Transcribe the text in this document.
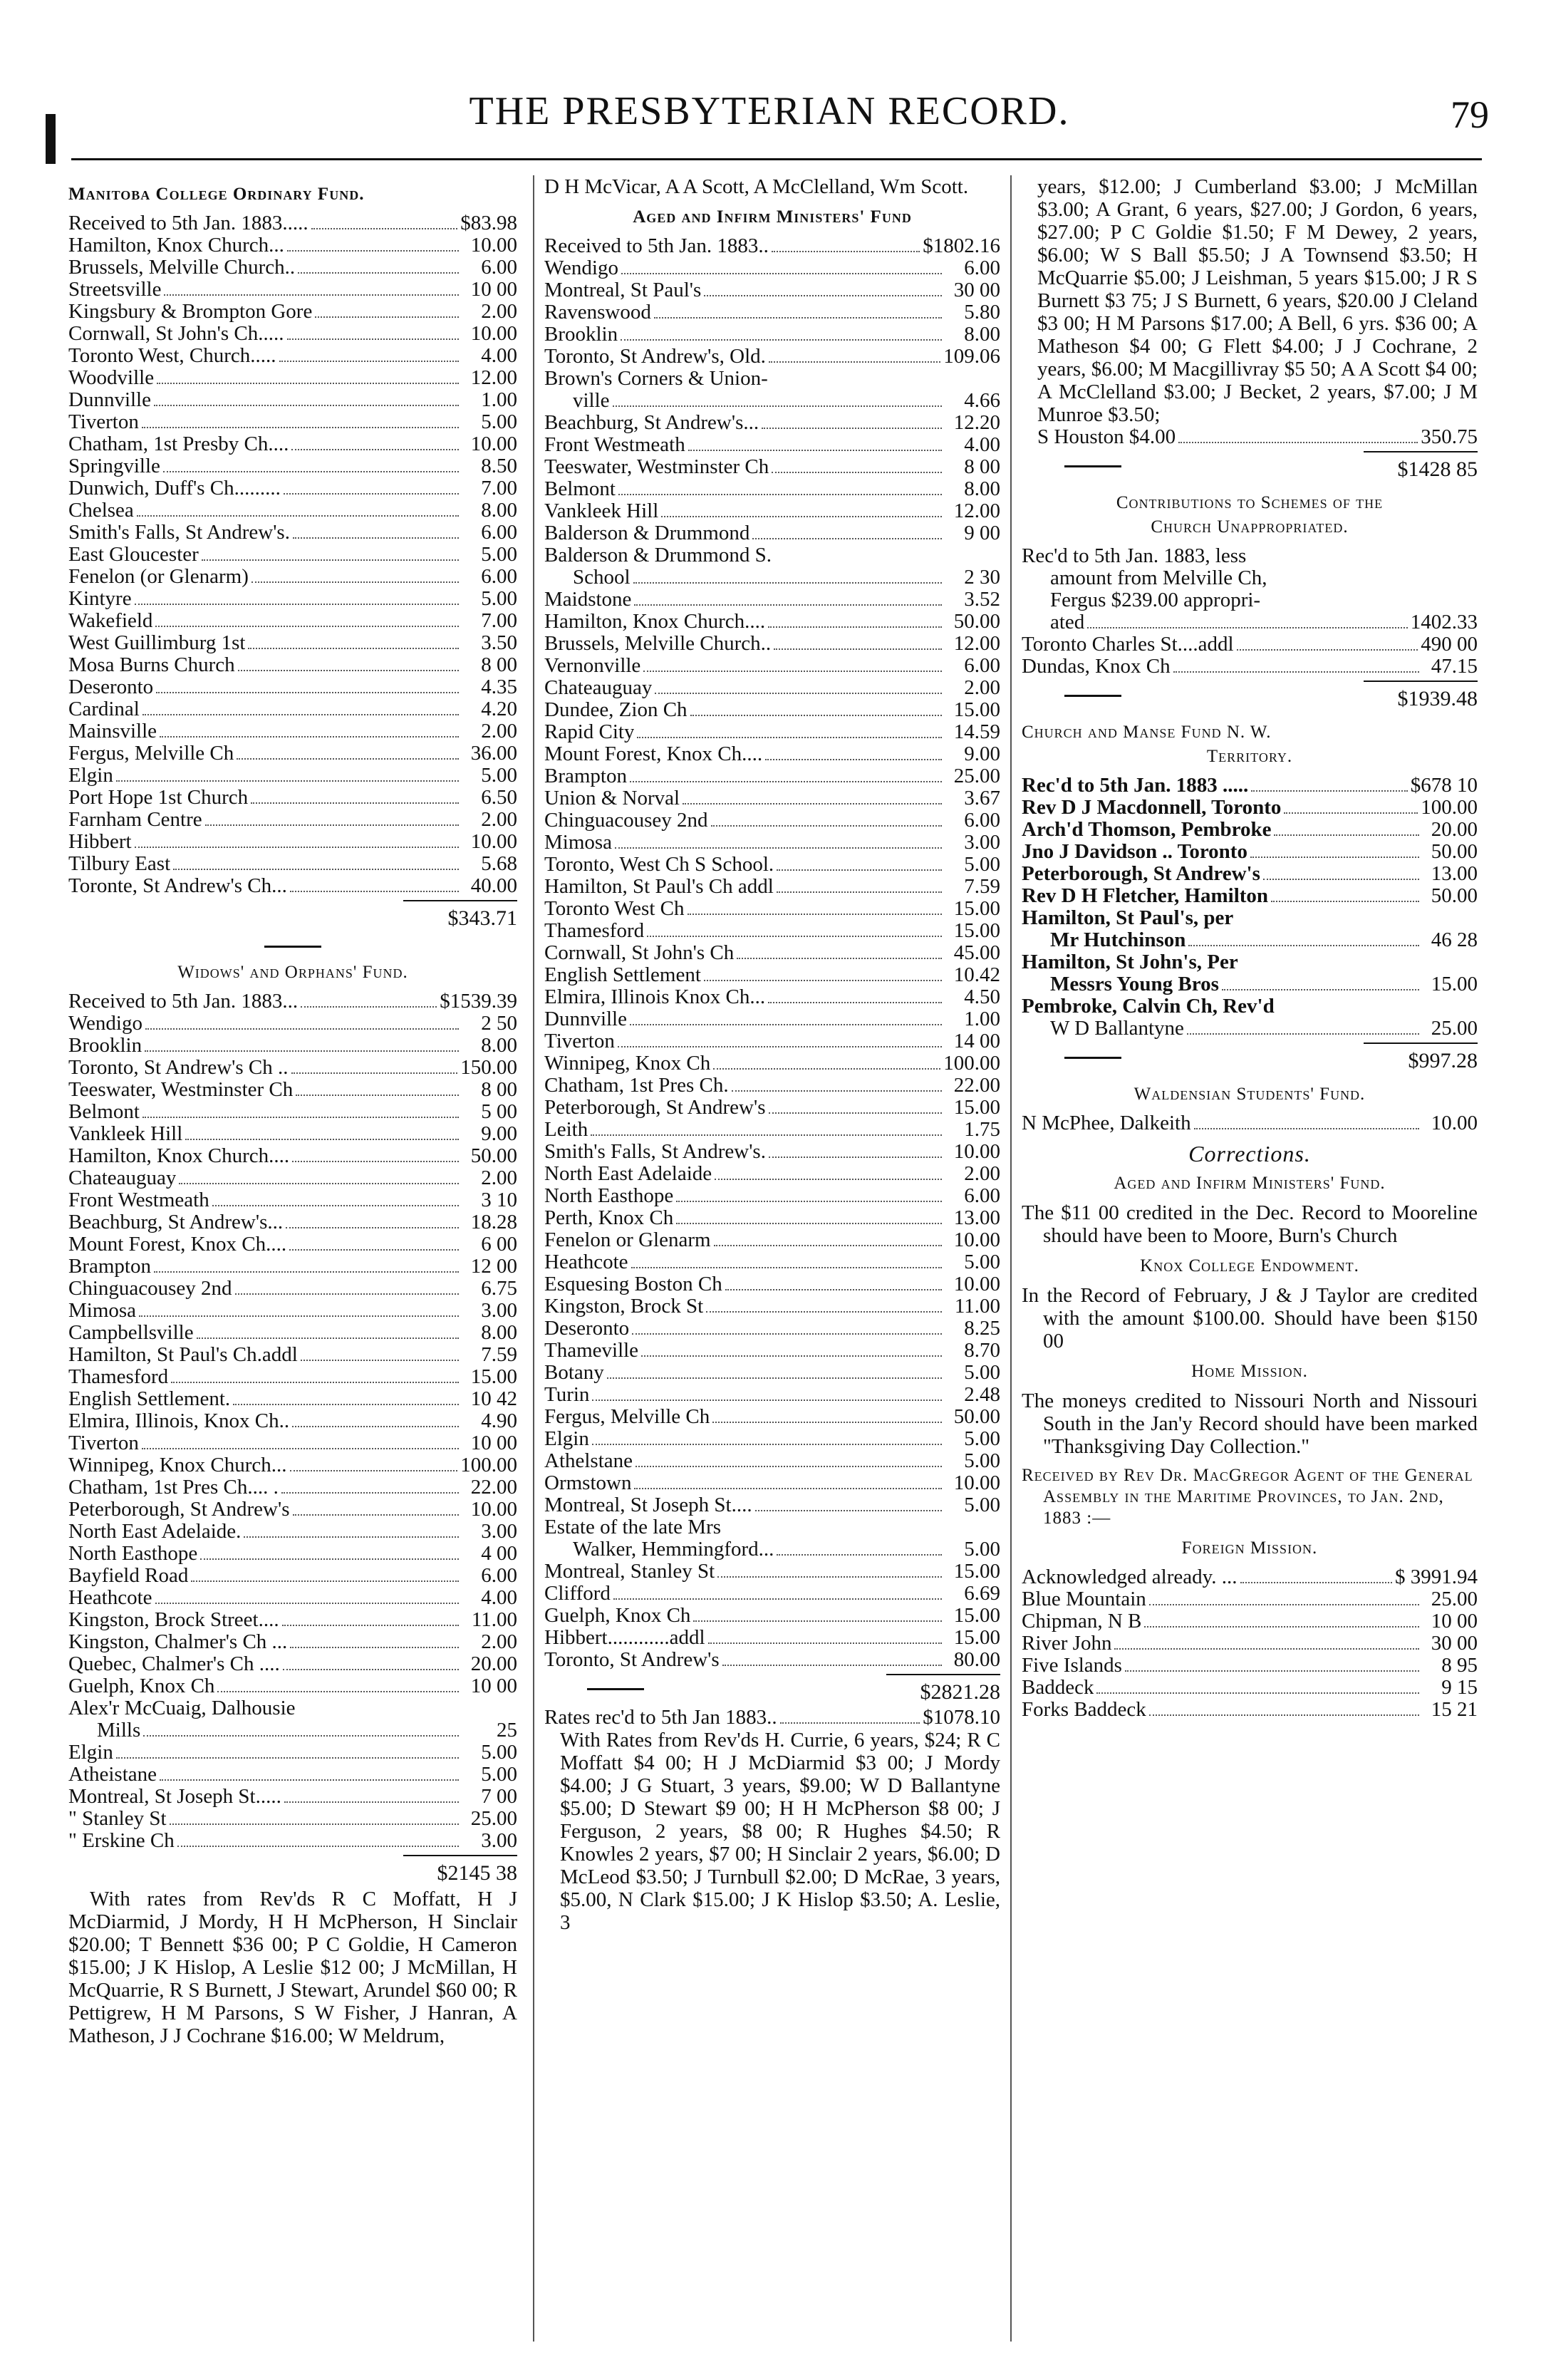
THE PRESBYTERIAN RECORD.	79
Manitoba College Ordinary Fund.
Received to 5th Jan. 1883.....	$83.98
Hamilton, Knox Church...	10.00
Brussels, Melville Church..	6.00
Streetsville	10 00
Kingsbury & Brompton Gore	2.00
Cornwall, St John's Ch.....	10.00
Toronto West, Church.....	4.00
Woodville	12.00
Dunnville	1.00
Tiverton	5.00
Chatham, 1st Presby Ch....	10.00
Springville	8.50
Dunwich, Duff's Ch.........	7.00
Chelsea	8.00
Smith's Falls, St Andrew's.	6.00
East Gloucester	5.00
Fenelon (or Glenarm)	6.00
Kintyre	5.00
Wakefield	7.00
West Guillimburg 1st	3.50
Mosa Burns Church	8 00
Deseronto	4.35
Cardinal	4.20
Mainsville	2.00
Fergus, Melville Ch	36.00
Elgin	5.00
Port Hope 1st Church	6.50
Farnham Centre	2.00
Hibbert	10.00
Tilbury East	5.68
Toronte, St Andrew's Ch...	40.00
$343.71
Widows' and Orphans' Fund.
Received to 5th Jan. 1883...	$1539.39
Wendigo	2 50
Brooklin	8.00
Toronto, St Andrew's Ch ..	150.00
Teeswater, Westminster Ch	8 00
Belmont	5 00
Vankleek Hill	9.00
Hamilton, Knox Church....	50.00
Chateauguay	2.00
Front Westmeath	3 10
Beachburg, St Andrew's...	18.28
Mount Forest, Knox Ch....	6 00
Brampton	12 00
Chinguacousey 2nd	6.75
Mimosa	3.00
Campbellsville	8.00
Hamilton, St Paul's Ch.addl	7.59
Thamesford	15.00
English Settlement.	10 42
Elmira, Illinois, Knox Ch..	4.90
Tiverton	10 00
Winnipeg, Knox Church...	100.00
Chatham, 1st Pres Ch.... .	22.00
Peterborough, St Andrew's	10.00
North East Adelaide.	3.00
North Easthope	4 00
Bayfield Road	6.00
Heathcote	4.00
Kingston, Brock Street....	11.00
Kingston, Chalmer's Ch ...	2.00
Quebec, Chalmer's Ch ....	20.00
Guelph, Knox Ch	10 00
Alex'r McCuaig, Dalhousie
Mills	25
Elgin	5.00
Atheistane	5.00
Montreal, St Joseph St.....	7 00
" Stanley St	25.00
" Erskine Ch	3.00
$2145 38
With rates from Rev'ds R C Moffatt, H J McDiarmid, J Mordy, H H McPherson, H Sinclair $20.00; T Bennett $36 00; P C Goldie, H Cameron $15.00; J K Hislop, A Leslie $12 00; J McMillan, H McQuarrie, R S Burnett, J Stewart, Arundel $60 00; R Pettigrew, H M Parsons, S W Fisher, J Hanran, A Matheson, J J Cochrane $16.00; W Meldrum,
D H McVicar, A A Scott, A McClelland, Wm Scott.
Aged and Infirm Ministers' Fund
Received to 5th Jan. 1883..	$1802.16
Wendigo	6.00
Montreal, St Paul's	30 00
Ravenswood	5.80
Brooklin	8.00
Toronto, St Andrew's, Old.	109.06
Brown's Corners & Union-
ville	4.66
Beachburg, St Andrew's...	12.20
Front Westmeath	4.00
Teeswater, Westminster Ch	8 00
Belmont	8.00
Vankleek Hill	12.00
Balderson & Drummond	9 00
Balderson & Drummond S.
School	2 30
Maidstone	3.52
Hamilton, Knox Church....	50.00
Brussels, Melville Church..	12.00
Vernonville	6.00
Chateauguay	2.00
Dundee, Zion Ch	15.00
Rapid City	14.59
Mount Forest, Knox Ch....	9.00
Brampton	25.00
Union & Norval	3.67
Chinguacousey 2nd	6.00
Mimosa	3.00
Toronto, West Ch S School.	5.00
Hamilton, St Paul's Ch addl	7.59
Toronto West Ch	15.00
Thamesford	15.00
Cornwall, St John's Ch	45.00
English Settlement	10.42
Elmira, Illinois Knox Ch...	4.50
Dunnville	1.00
Tiverton	14 00
Winnipeg, Knox Ch	100.00
Chatham, 1st Pres Ch.	22.00
Peterborough, St Andrew's	15.00
Leith	1.75
Smith's Falls, St Andrew's.	10.00
North East Adelaide	2.00
North Easthope	6.00
Perth, Knox Ch	13.00
Fenelon or Glenarm	10.00
Heathcote	5.00
Esquesing Boston Ch	10.00
Kingston, Brock St	11.00
Deseronto	8.25
Thameville	8.70
Botany	5.00
Turin	2.48
Fergus, Melville Ch	50.00
Elgin	5.00
Athelstane	5.00
Ormstown	10.00
Montreal, St Joseph St....	5.00
Estate of the late Mrs
Walker, Hemmingford...	5.00
Montreal, Stanley St	15.00
Clifford	6.69
Guelph, Knox Ch	15.00
Hibbert............addl	15.00
Toronto, St Andrew's	80.00
$2821.28
Rates rec'd to 5th Jan 1883..	$1078.10
With Rates from Rev'ds H. Currie, 6 years, $24; R C Moffatt $4 00; H J McDiarmid $3 00; J Mordy $4.00; J G Stuart, 3 years, $9.00; W D Ballantyne $5.00; D Stewart $9 00; H H McPherson $8 00; J Ferguson, 2 years, $8 00; R Hughes $4.50; R Knowles 2 years, $7 00; H Sinclair 2 years, $6.00; D McLeod $3.50; J Turnbull $2.00; D McRae, 3 years, $5.00, N Clark $15.00; J K Hislop $3.50; A. Leslie, 3
years, $12.00; J Cumberland $3.00; J McMillan $3.00; A Grant, 6 years, $27.00; J Gordon, 6 years, $27.00; P C Goldie $1.50; F M Dewey, 2 years, $6.00; W S Ball $5.50; J A Townsend $3.50; H McQuarrie $5.00; J Leishman, 5 years $15.00; J R S Burnett $3 75; J S Burnett, 6 years, $20.00 J Cleland $3 00; H M Parsons $17.00; A Bell, 6 yrs. $36 00; A Matheson $4 00; G Flett $4.00; J J Cochrane, 2 years, $6.00; M Macgillivray $5 50; A A Scott $4 00; A McClelland $3.00; J Becket, 2 years, $7.00; J M Munroe $3.50;
S Houston $4.00	350.75
$1428 85
Contributions to Schemes of the
Church Unappropriated.
Rec'd to 5th Jan. 1883, less
amount from Melville Ch,
Fergus $239.00 appropri-
ated	1402.33
Toronto Charles St....addl	490 00
Dundas, Knox Ch	47.15
$1939.48
Church and Manse Fund N. W.
Territory.
Rec'd to 5th Jan. 1883 .....	$678 10
Rev D J Macdonnell, Toronto	100.00
Arch'd Thomson, Pembroke	20.00
Jno J Davidson .. Toronto	50.00
Peterborough, St Andrew's	13.00
Rev D H Fletcher, Hamilton	50.00
Hamilton, St Paul's, per
Mr Hutchinson	46 28
Hamilton, St John's, Per
Messrs Young Bros	15.00
Pembroke, Calvin Ch, Rev'd
W D Ballantyne	25.00
$997.28
Waldensian Students' Fund.
N McPhee, Dalkeith	10.00
Corrections.
Aged and Infirm Ministers' Fund.
The $11 00 credited in the Dec. Record to Mooreline should have been to Moore, Burn's Church
Knox College Endowment.
In the Record of February, J & J Taylor are credited with the amount $100.00. Should have been $150 00
Home Mission.
The moneys credited to Nissouri North and Nissouri South in the Jan'y Record should have been marked "Thanksgiving Day Collection."
Received by Rev Dr. MacGregor Agent of the General Assembly in the Maritime Provinces, to Jan. 2nd, 1883 :—
Foreign Mission.
Acknowledged already. ...	$ 3991.94
Blue Mountain	25.00
Chipman, N B	10 00
River John	30 00
Five Islands	8 95
Baddeck	9 15
Forks Baddeck	15 21
